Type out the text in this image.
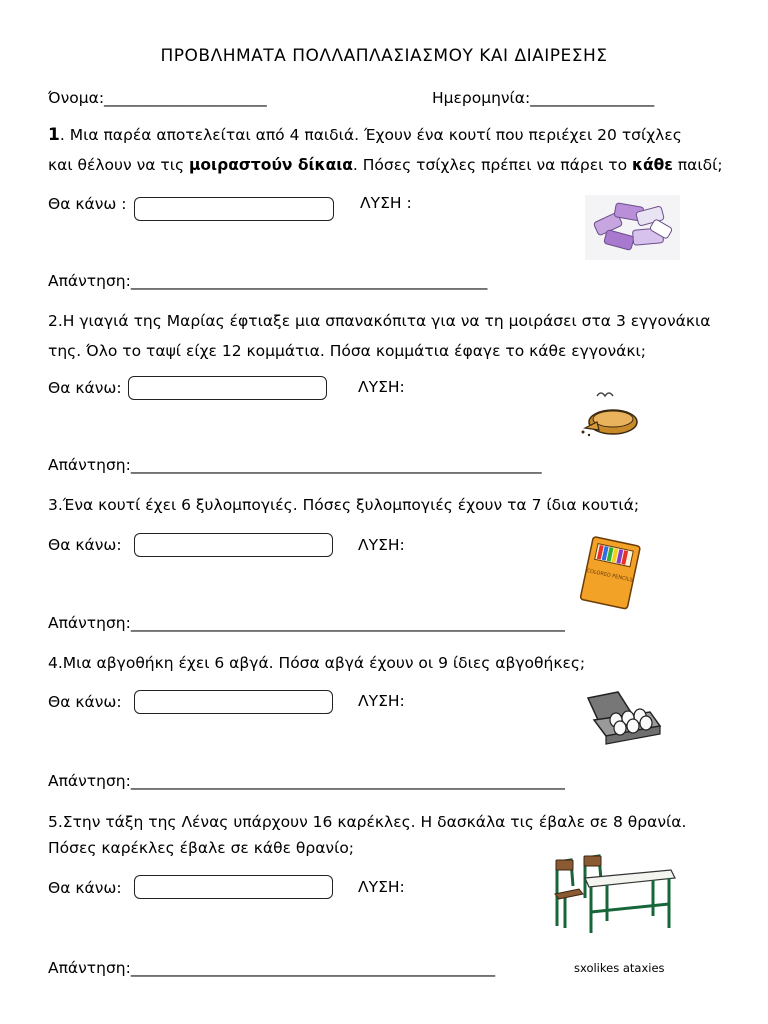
ΠΡΟΒΛΗΜΑΤΑ ΠΟΛΛΑΠΛΑΣΙΑΣΜΟΥ ΚΑΙ ΔΙΑΙΡΕΣΗΣ
Όνομα:_____________________	Ημερομηνία:________________
1. Μια παρέα αποτελείται από 4 παιδιά. Έχουν ένα κουτί που περιέχει 20 τσίχλες
και θέλουν να τις μοιραστούν δίκαια. Πόσες τσίχλες πρέπει να πάρει το κάθε παιδί;
Θα κάνω :	ΛΥΣΗ :
Απάντηση:______________________________________________
2.Η γιαγιά της Μαρίας έφτιαξε μια σπανακόπιτα για να τη μοιράσει στα 3 εγγονάκια
της. Όλο το ταψί είχε 12 κομμάτια. Πόσα κομμάτια έφαγε το κάθε εγγονάκι;
Θα κάνω:	ΛΥΣΗ:
Απάντηση:_____________________________________________________
3.Ένα κουτί έχει 6 ξυλομπογιές. Πόσες ξυλομπογιές έχουν τα 7 ίδια κουτιά;
Θα κάνω:	ΛΥΣΗ:
COLORED PENCILS
Απάντηση:________________________________________________________
4.Μια αβγοθήκη έχει 6 αβγά. Πόσα αβγά έχουν οι 9 ίδιες αβγοθήκες;
Θα κάνω:	ΛΥΣΗ:
Απάντηση:________________________________________________________
5.Στην τάξη της Λένας υπάρχουν 16 καρέκλες. Η δασκάλα τις έβαλε σε 8 θρανία.
Πόσες καρέκλες έβαλε σε κάθε θρανίο;
Θα κάνω:	ΛΥΣΗ:
Απάντηση:_______________________________________________	sxolikes ataxies
